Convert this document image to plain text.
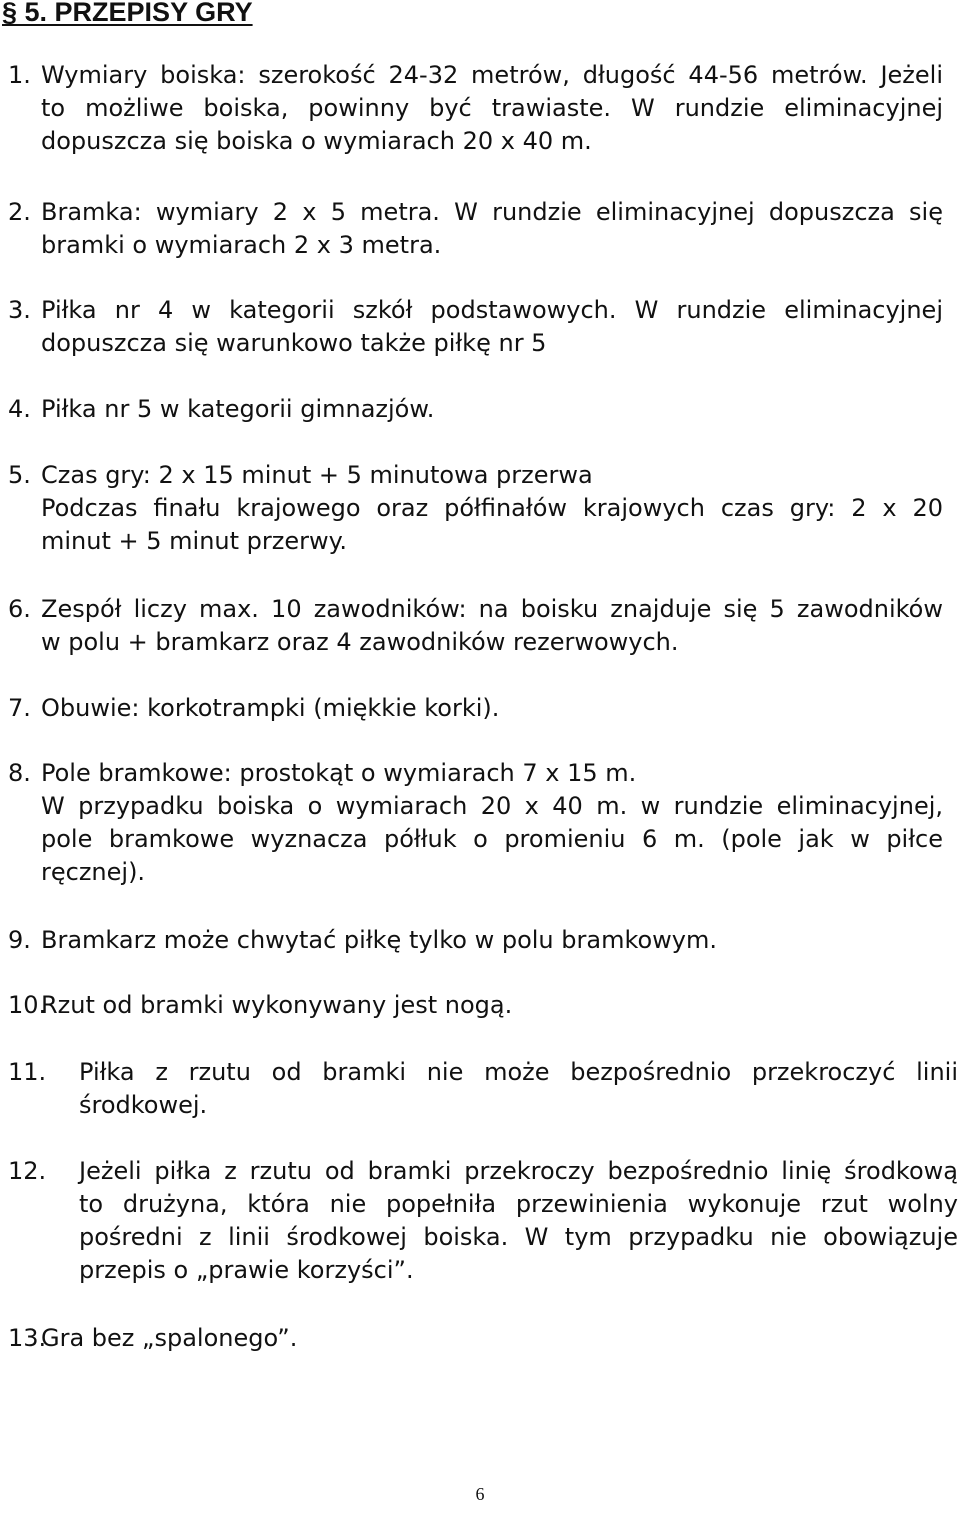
§ 5. PRZEPISY GRY
1. Wymiary boiska: szerokość 24-32 metrów, długość 44-56 metrów. Jeżeli
to możliwe boiska, powinny być trawiaste. W rundzie eliminacyjnej
dopuszcza się boiska o wymiarach 20 x 40 m.
2. Bramka: wymiary 2 x 5 metra. W rundzie eliminacyjnej dopuszcza się
bramki o wymiarach 2 x 3 metra.
3. Piłka nr 4 w kategorii szkół podstawowych. W rundzie eliminacyjnej
dopuszcza się warunkowo także piłkę nr 5
4. Piłka nr 5 w kategorii gimnazjów.
5. Czas gry: 2 x 15 minut + 5 minutowa przerwa
Podczas finału krajowego oraz półfinałów krajowych czas gry: 2 x 20
minut + 5 minut przerwy.
6. Zespół liczy max. 10 zawodników: na boisku znajduje się 5 zawodników
w polu + bramkarz oraz 4 zawodników rezerwowych.
7. Obuwie: korkotrampki (miękkie korki).
8. Pole bramkowe: prostokąt o wymiarach 7 x 15 m.
W przypadku boiska o wymiarach 20 x 40 m. w rundzie eliminacyjnej,
pole bramkowe wyznacza półłuk o promieniu 6 m. (pole jak w piłce
ręcznej).
9. Bramkarz może chwytać piłkę tylko w polu bramkowym.
10.
Rzut od bramki wykonywany jest nogą.
11. Piłka z rzutu od bramki nie może bezpośrednio przekroczyć linii
środkowej.
12. Jeżeli piłka z rzutu od bramki przekroczy bezpośrednio linię środkową
to drużyna, która nie popełniła przewinienia wykonuje rzut wolny
pośredni z linii środkowej boiska. W tym przypadku nie obowiązuje
przepis o „prawie korzyści”.
13.
Gra bez „spalonego”.
6
